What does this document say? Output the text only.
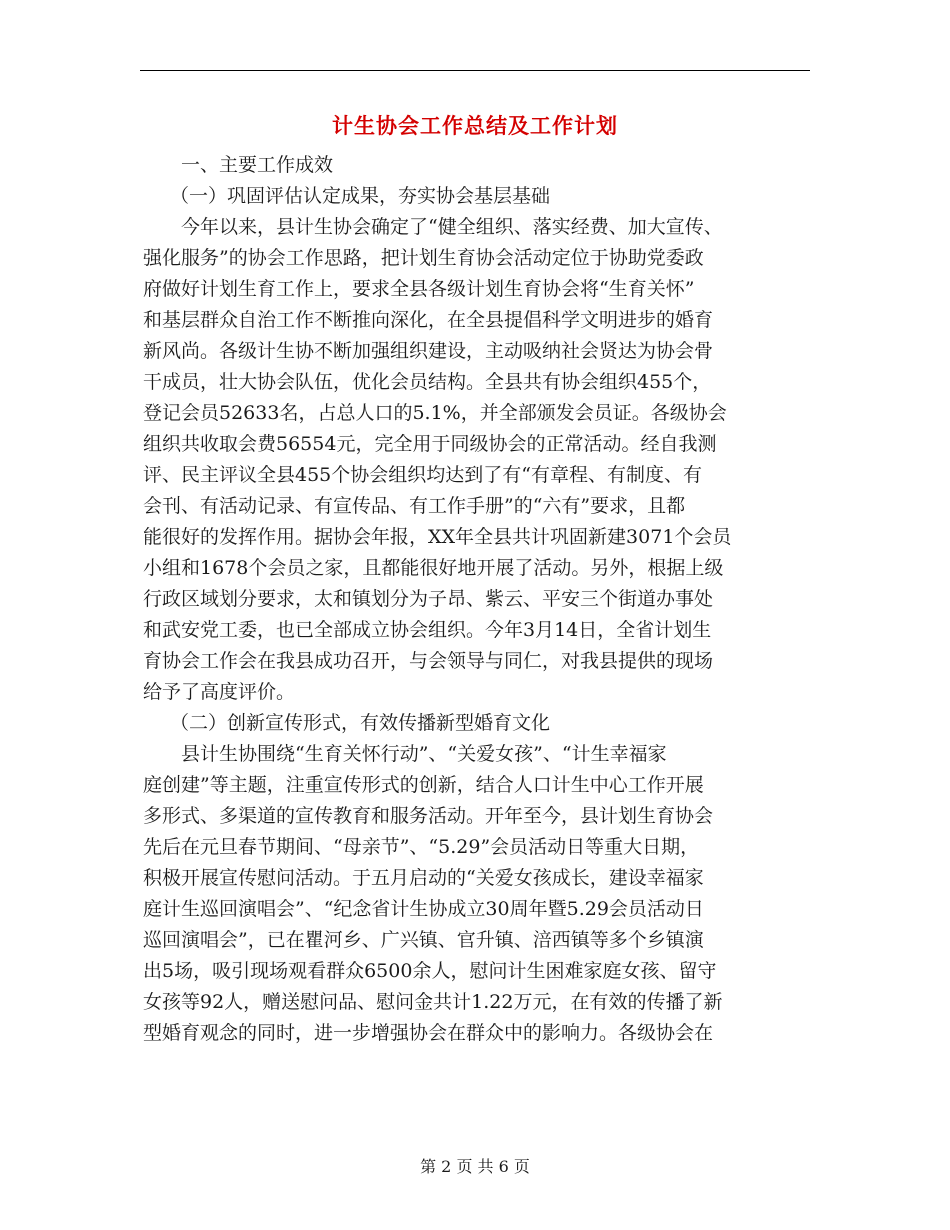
计生协会工作总结及工作计划
一、主要工作成效
（一）巩固评估认定成果，夯实协会基层基础
今年以来，县计生协会确定了“健全组织、落实经费、加大宣传、
强化服务”的协会工作思路，把计划生育协会活动定位于协助党委政
府做好计划生育工作上，要求全县各级计划生育协会将“生育关怀”
和基层群众自治工作不断推向深化，在全县提倡科学文明进步的婚育
新风尚。各级计生协不断加强组织建设，主动吸纳社会贤达为协会骨
干成员，壮大协会队伍，优化会员结构。全县共有协会组织455个，
登记会员52633名，占总人口的5.1%，并全部颁发会员证。各级协会
组织共收取会费56554元，完全用于同级协会的正常活动。经自我测
评、民主评议全县455个协会组织均达到了有“有章程、有制度、有
会刊、有活动记录、有宣传品、有工作手册”的“六有”要求，且都
能很好的发挥作用。据协会年报，XX年全县共计巩固新建3071个会员
小组和1678个会员之家，且都能很好地开展了活动。另外，根据上级
行政区域划分要求，太和镇划分为子昂、紫云、平安三个街道办事处
和武安党工委，也已全部成立协会组织。今年3月14日，全省计划生
育协会工作会在我县成功召开，与会领导与同仁，对我县提供的现场
给予了高度评价。
（二）创新宣传形式，有效传播新型婚育文化
县计生协围绕“生育关怀行动”、“关爱女孩”、“计生幸福家
庭创建”等主题，注重宣传形式的创新，结合人口计生中心工作开展
多形式、多渠道的宣传教育和服务活动。开年至今，县计划生育协会
先后在元旦春节期间、“母亲节”、“5.29”会员活动日等重大日期，
积极开展宣传慰问活动。于五月启动的“关爱女孩成长，建设幸福家
庭计生巡回演唱会”、“纪念省计生协成立30周年暨5.29会员活动日
巡回演唱会”，已在瞿河乡、广兴镇、官升镇、涪西镇等多个乡镇演
出5场，吸引现场观看群众6500余人，慰问计生困难家庭女孩、留守
女孩等92人，赠送慰问品、慰问金共计1.22万元，在有效的传播了新
型婚育观念的同时，进一步增强协会在群众中的影响力。各级协会在
第 2 页 共 6 页
